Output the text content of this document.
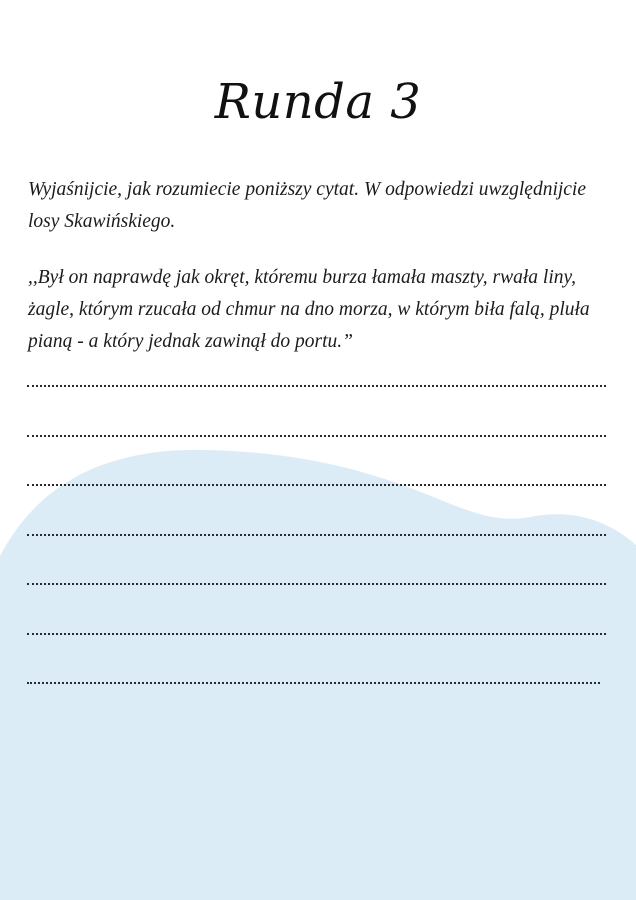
Runda 3

Wyjaśnijcie, jak rozumiecie poniższy cytat. W odpowiedzi uwzględnijcie losy Skawińskiego.

,,Był on naprawdę jak okręt, któremu burza łamała maszty, rwała liny, żagle, którym rzucała od chmur na dno morza, w którym biła falą, pluła pianą - a który jednak zawinął do portu.”
